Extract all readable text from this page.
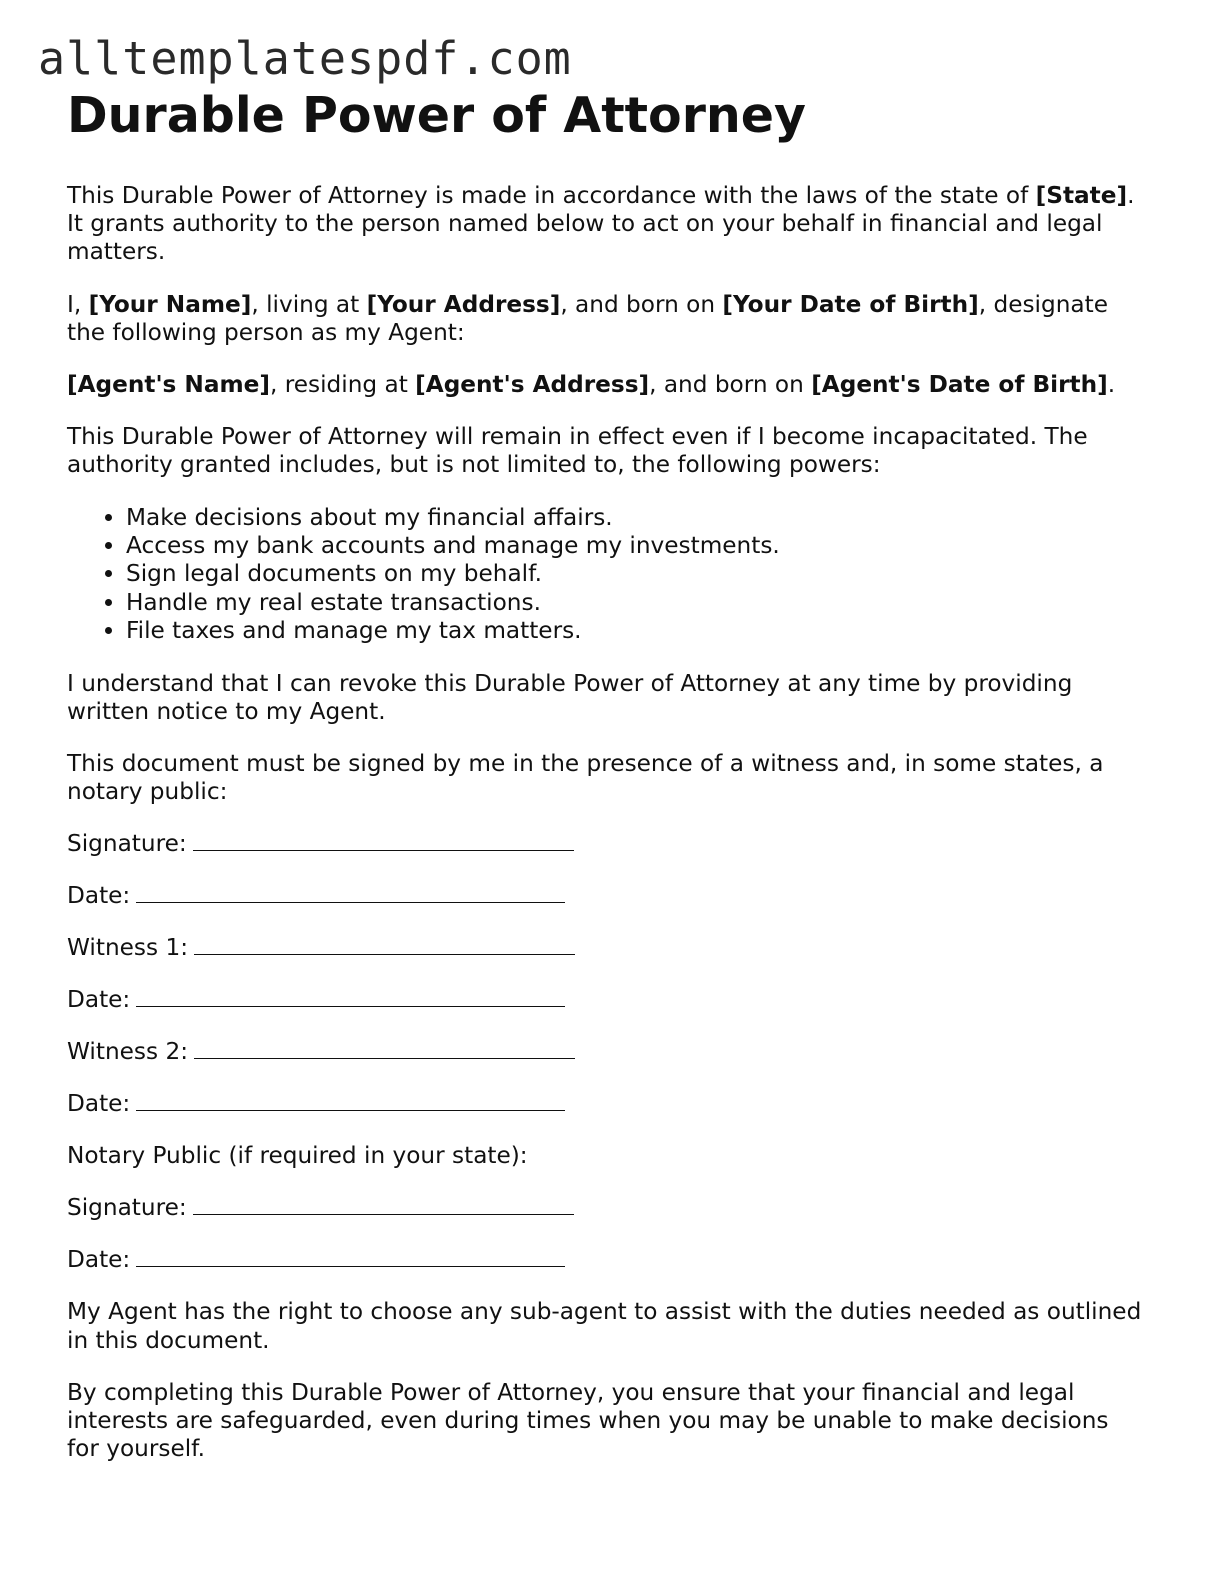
alltemplatespdf.com
Durable Power of Attorney

This Durable Power of Attorney is made in accordance with the laws of the state of [State]. It grants authority to the person named below to act on your behalf in financial and legal matters.

I, [Your Name], living at [Your Address], and born on [Your Date of Birth], designate the following person as my Agent:

[Agent's Name], residing at [Agent's Address], and born on [Agent's Date of Birth].

This Durable Power of Attorney will remain in effect even if I become incapacitated. The authority granted includes, but is not limited to, the following powers:

• Make decisions about my financial affairs.
• Access my bank accounts and manage my investments.
• Sign legal documents on my behalf.
• Handle my real estate transactions.
• File taxes and manage my tax matters.

I understand that I can revoke this Durable Power of Attorney at any time by providing written notice to my Agent.

This document must be signed by me in the presence of a witness and, in some states, a notary public:

Signature:
Date:
Witness 1:
Date:
Witness 2:
Date:
Notary Public (if required in your state):
Signature:
Date:

My Agent has the right to choose any sub-agent to assist with the duties needed as outlined in this document.

By completing this Durable Power of Attorney, you ensure that your financial and legal interests are safeguarded, even during times when you may be unable to make decisions for yourself.
